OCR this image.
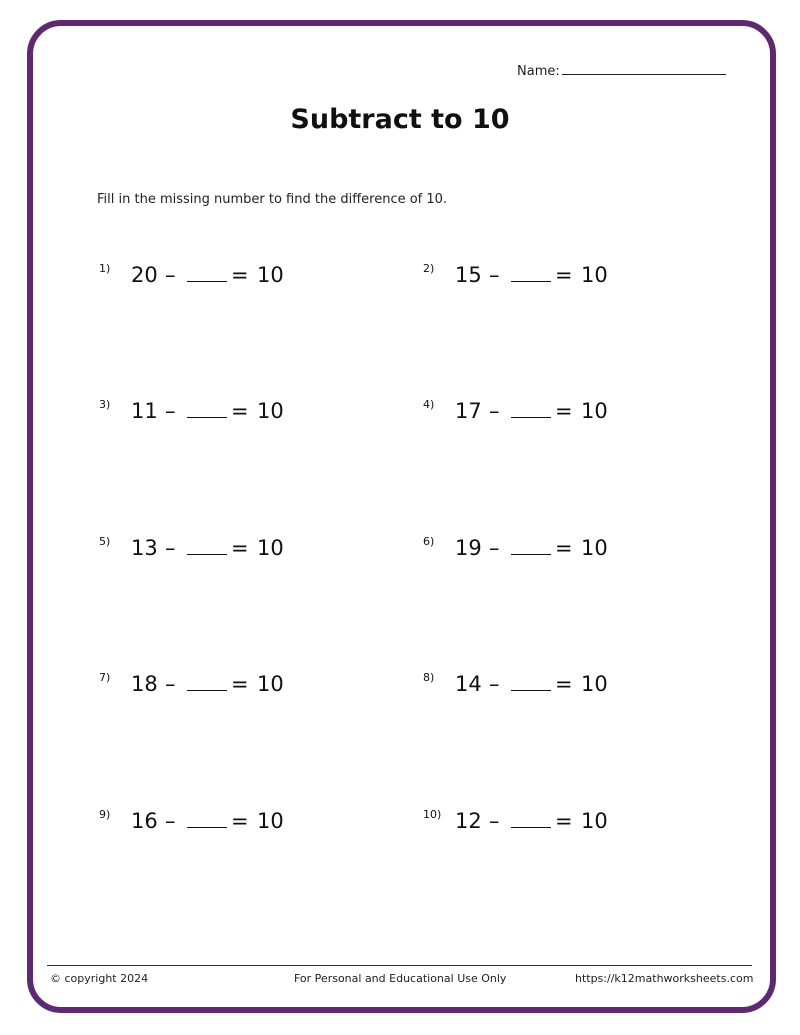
Name:
Subtract to 10

Fill in the missing number to find the difference of 10.

1) 20 –	= 10	2) 15 –	= 10
3) 11 –	= 10	4) 17 –	= 10
5) 13 –	= 10	6) 19 –	= 10
7) 18 –	= 10	8) 14 –	= 10
9) 16 –	= 10	10) 12 –	= 10
© copyright 2024	For Personal and Educational Use Only	https://k12mathworksheets.com
